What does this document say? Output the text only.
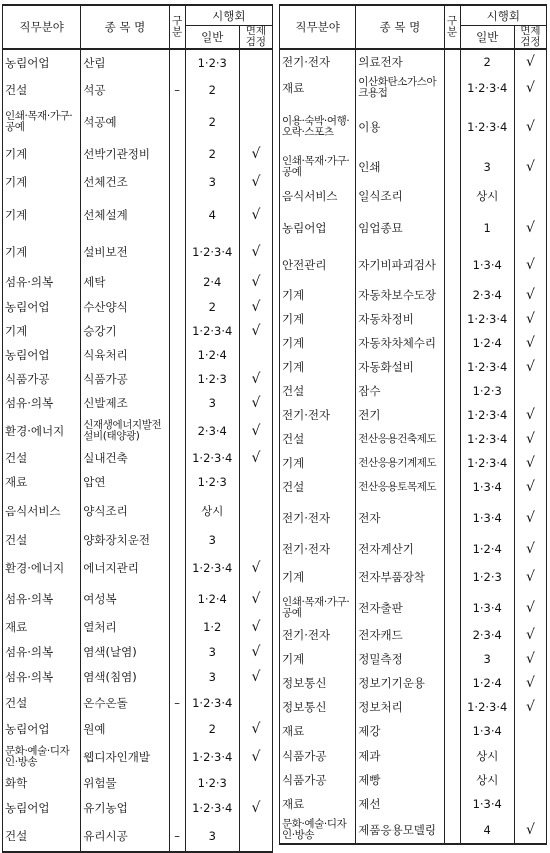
직무분야	종 목 명	구분	시행회	
			일반	면제검정
농림어업	산림		1·2·3	
건설	석공	–	2	
인쇄·목재·가구·공예	석공예		2	
기계	선박기관정비		2	√
기계	선체건조		3	√
기계	선체설계		4	√
기계	설비보전		1·2·3·4	√
섬유·의복	세탁		2·4	√
농림어업	수산양식		2	√
기계	승강기		1·2·3·4	√
농림어업	식육처리		1·2·4	
식품가공	식품가공		1·2·3	√
섬유·의복	신발제조		3	√
환경·에너지	신재생에너지발전설비(태양광)		2·3·4	√
건설	실내건축		1·2·3·4	√
재료	압연		1·2·3	
음식서비스	양식조리		상시	
건설	양화장치운전		3	
환경·에너지	에너지관리		1·2·3·4	√
섬유·의복	여성복		1·2·4	√
재료	열처리		1·2	√
섬유·의복	염색(날염)		3	√
섬유·의복	염색(침염)		3	√
건설	온수온돌	–	1·2·3·4	
농림어업	원예		2	√
문화·예술·디자인·방송	웹디자인개발		1·2·3·4	√
화학	위험물		1·2·3	
농림어업	유기농업		1·2·3·4	√
건설	유리시공	–	3	
직무분야	종 목 명	구분	시행회	
			일반	면제검정
전기·전자	의료전자		2	√
재료	이산화탄소가스아크용접		1·2·3·4	√
이용·숙박·여행·오락·스포츠	이용		1·2·3·4	√
인쇄·목재·가구·공예	인쇄		3	√
음식서비스	일식조리		상시	
농림어업	임업종묘		1	√
안전관리	자기비파괴검사		1·3·4	√
기계	자동차보수도장		2·3·4	√
기계	자동차정비		1·2·3·4	√
기계	자동차차체수리		1·2·4	√
기계	자동화설비		1·2·3·4	√
건설	잠수		1·2·3	
전기·전자	전기		1·2·3·4	√
건설	전산응용건축제도		1·2·3·4	√
기계	전산응용기계제도		1·2·3·4	√
건설	전산응용토목제도		1·3·4	√
전기·전자	전자		1·3·4	√
전기·전자	전자계산기		1·2·4	√
기계	전자부품장착		1·2·3	√
인쇄·목재·가구·공예	전자출판		1·3·4	√
전기·전자	전자캐드		2·3·4	√
기계	정밀측정		3	√
정보통신	정보기기운용		1·2·4	√
정보통신	정보처리		1·2·3·4	√
재료	제강		1·3·4	
식품가공	제과		상시	
식품가공	제빵		상시	
재료	제선		1·3·4	
문화·예술·디자인·방송	제품응용모델링		4	√
